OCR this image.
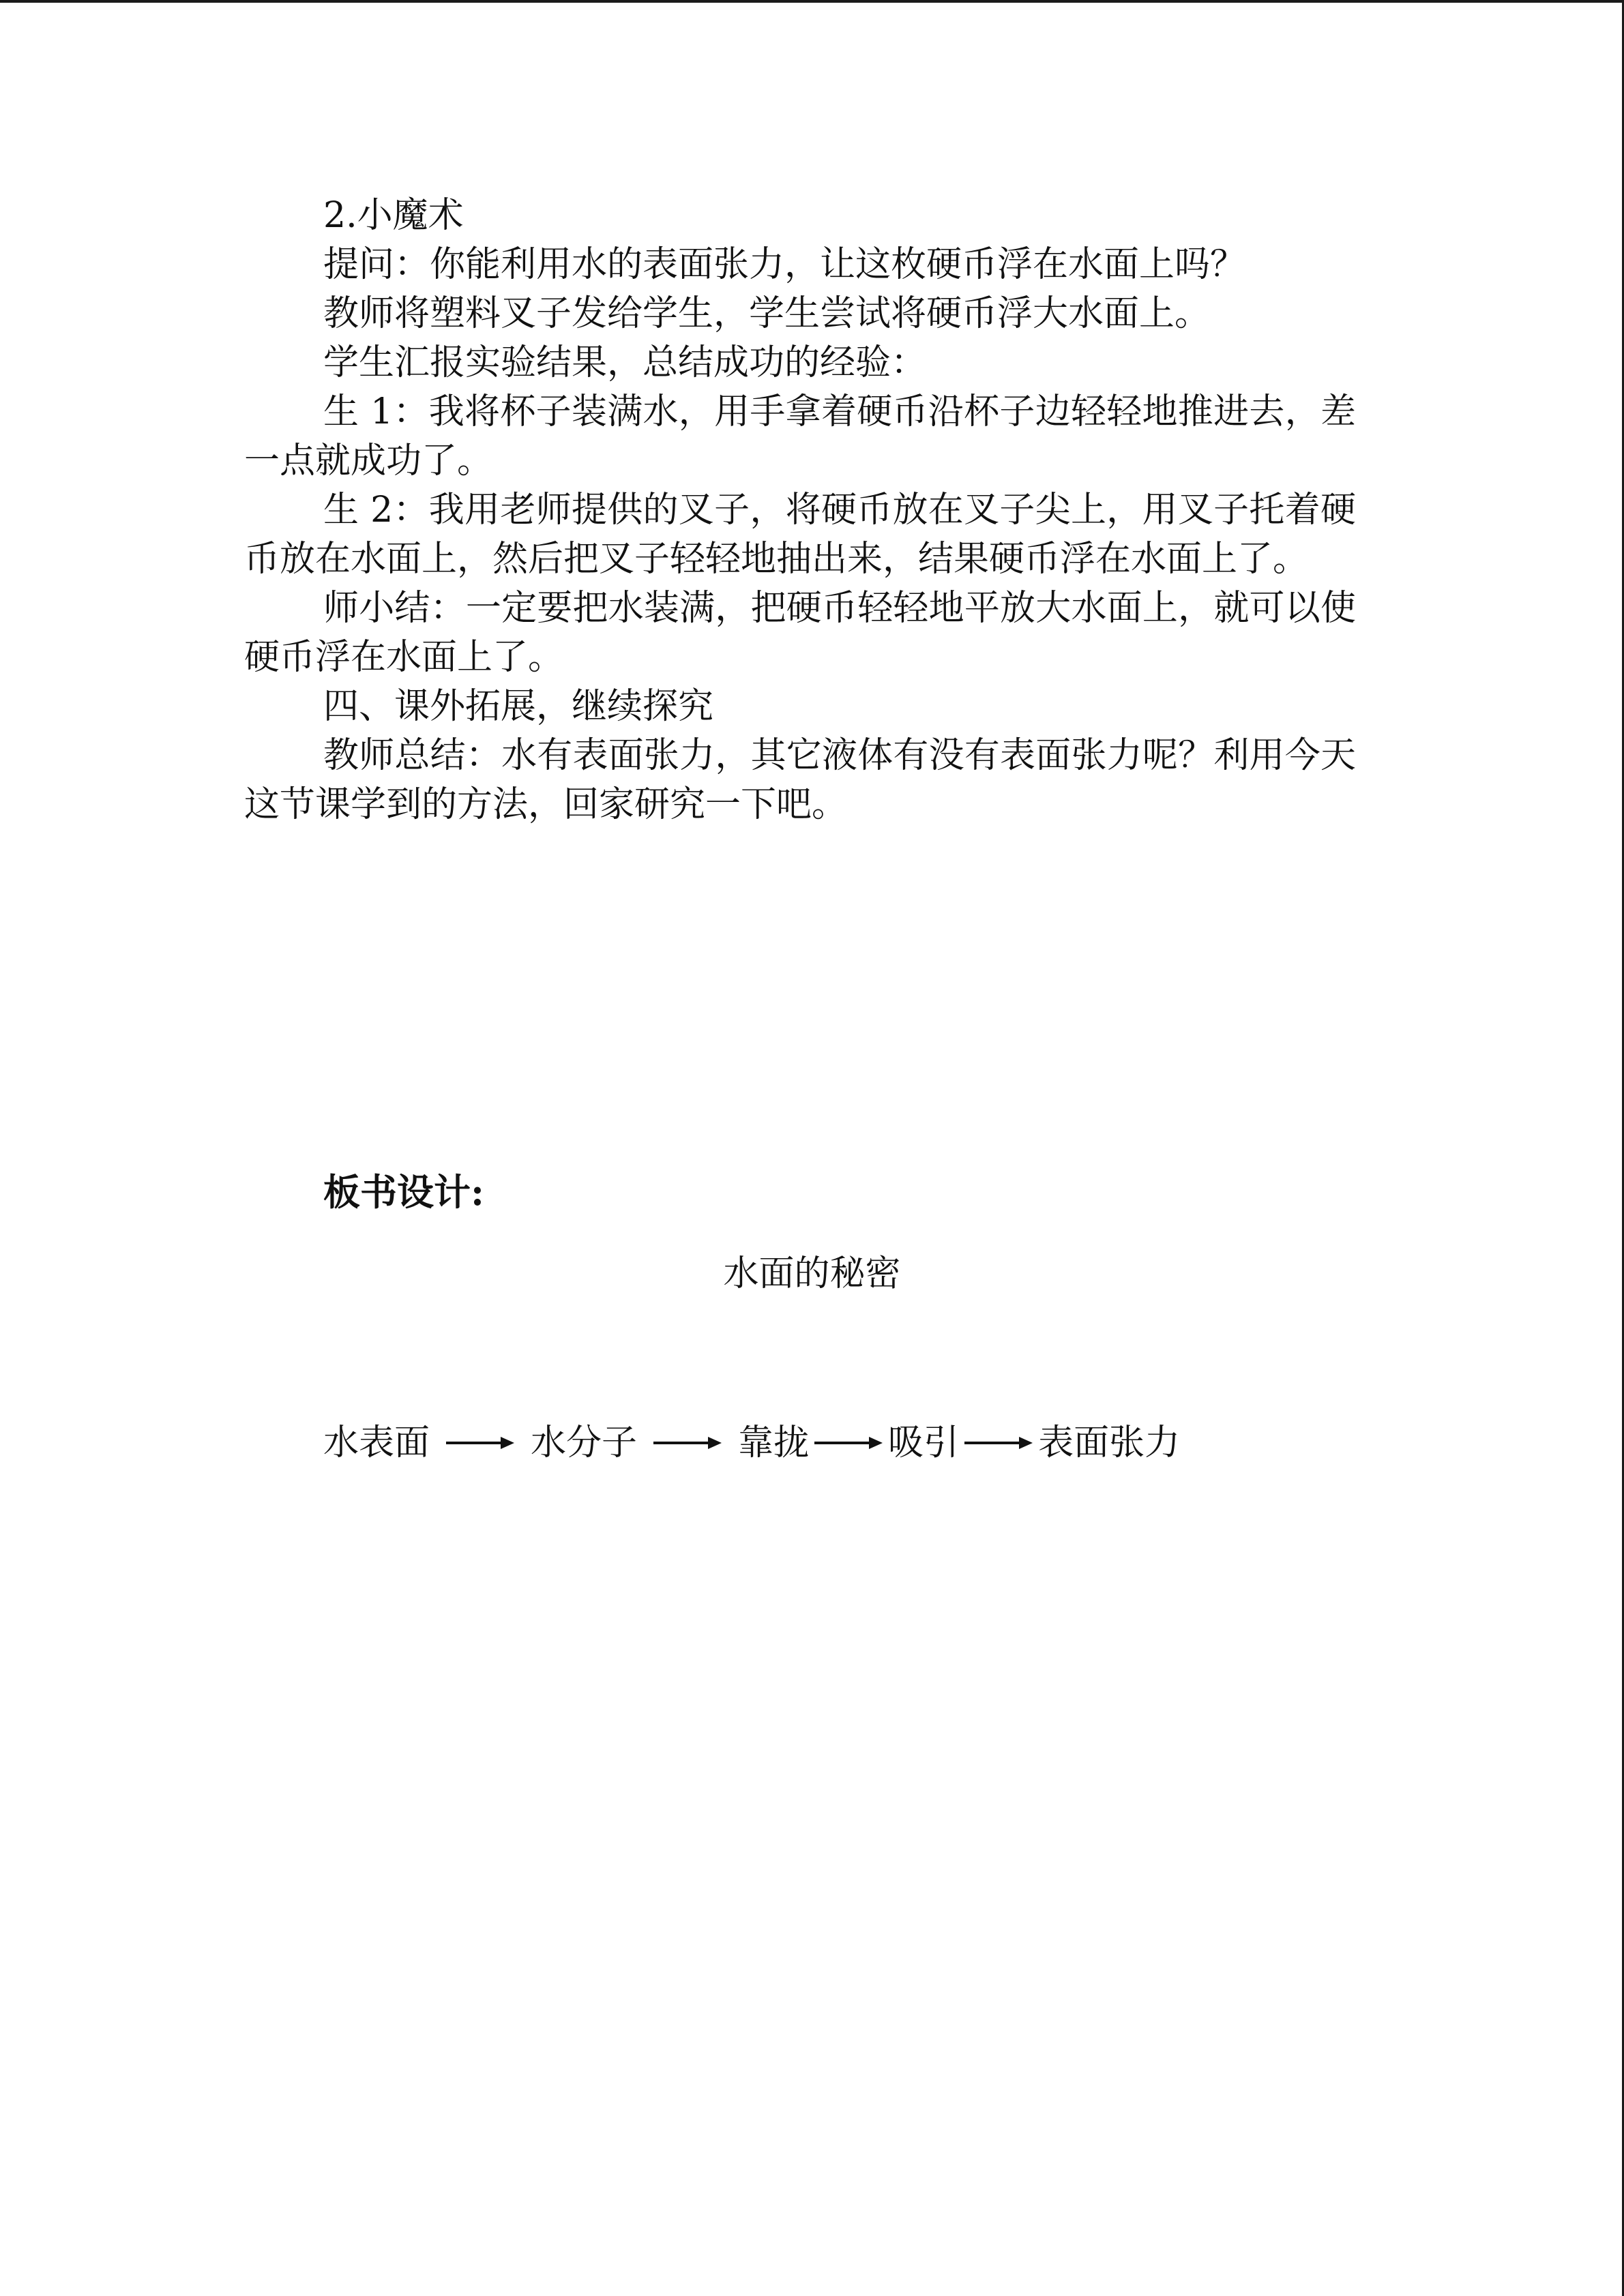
2.小魔术

提问：你能利用水的表面张力，让这枚硬币浮在水面上吗？

教师将塑料叉子发给学生，学生尝试将硬币浮大水面上。

学生汇报实验结果，总结成功的经验：

生 1：我将杯子装满水，用手拿着硬币沿杯子边轻轻地推进去，差一点就成功了。

生 2：我用老师提供的叉子，将硬币放在叉子尖上，用叉子托着硬币放在水面上，然后把叉子轻轻地抽出来，结果硬币浮在水面上了。

师小结：一定要把水装满，把硬币轻轻地平放大水面上，就可以使硬币浮在水面上了。

四、课外拓展，继续探究

教师总结：水有表面张力，其它液体有没有表面张力呢？利用今天这节课学到的方法，回家研究一下吧。

板书设计:
水面的秘密
水表面	水分子	靠拢 吸引 表面张力
